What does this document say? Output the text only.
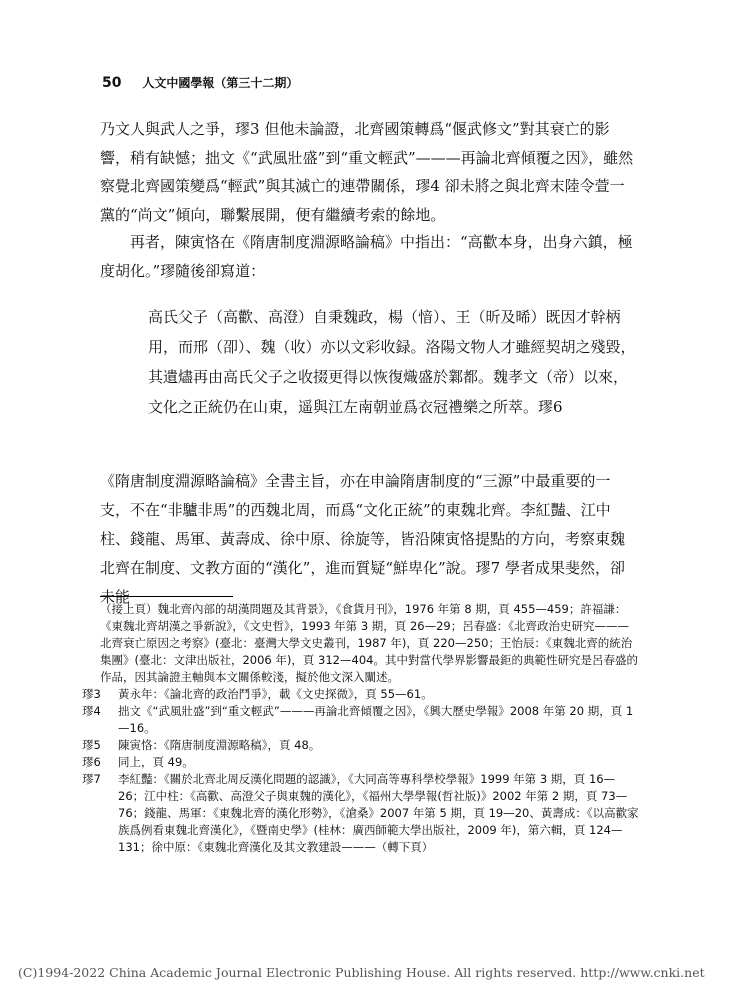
50 人文中國學報（第三十二期）
乃文人與武人之爭，璆3 但他未論證，北齊國策轉爲“偃武修文”對其衰亡的影響，稍有缺憾；拙文《“武風壯盛”到“重文輕武”———再論北齊傾覆之因》，雖然察覺北齊國策變爲“輕武”與其滅亡的連帶關係，璆4 卻未將之與北齊末陸令萱一黨的“尚文”傾向，聯繫展開，便有繼續考索的餘地。
再者，陳寅恪在《隋唐制度淵源略論稿》中指出：“高歡本身，出身六鎮，極度胡化。”璆隨後卻寫道：
高氏父子（高歡、高澄）自秉魏政，楊（愔）、王（昕及晞）既因才幹柄用，而邢（卲）、魏（收）亦以文彩收録。洛陽文物人才雖經契胡之殘毀，其遺燼再由高氏父子之收掇更得以恢復熾盛於鄴都。魏孝文（帝）以來，文化之正統仍在山東，遥與江左南朝並爲衣冠禮樂之所萃。璆6
《隋唐制度淵源略論稿》全書主旨，亦在申論隋唐制度的“三源”中最重要的一支，不在“非驢非馬”的西魏北周，而爲“文化正統”的東魏北齊。李紅豔、江中柱、錢龍、馬軍、黃壽成、徐中原、徐旋等，皆沿陳寅恪提點的方向，考察東魏北齊在制度、文教方面的“漢化”，進而質疑“鮮卑化”說。璆7 學者成果斐然，卻未能

（接上頁）魏北齊內部的胡漢問題及其背景》，《食貨月刊》，1976 年第 8 期，頁 455—459；許福謙：《東魏北齊胡漢之爭新說》，《文史哲》，1993 年第 3 期，頁 26—29；呂春盛：《北齊政治史研究———北齊衰亡原因之考察》(臺北：臺灣大學文史叢刊，1987 年)，頁 220—250；王怡辰：《東魏北齊的統治集團》(臺北：文津出版社，2006 年)，頁 312—404。其中對當代學界影響最鉅的典範性研究是呂春盛的作品，因其論證主軸與本文關係較淺，擬於他文深入闡述。

璆3 黃永年：《論北齊的政治鬥爭》，載《文史探微》，頁 55—61。

璆4 拙文《“武風壯盛”到“重文輕武”———再論北齊傾覆之因》，《興大歷史學報》2008 年第 20 期，頁 1—16。

璆5 陳寅恪：《隋唐制度淵源略稿》，頁 48。

璆6 同上，頁 49。

璆7 李紅豔：《關於北齊北周反漢化問題的認識》，《大同高等專科學校學報》1999 年第 3 期，頁 16—26；江中柱：《高歡、高澄父子與東魏的漢化》，《福州大學學報(哲社版)》2002 年第 2 期，頁 73—76；錢龍、馬軍：《東魏北齊的漢化形勢》，《滄桑》2007 年第 5 期，頁 19—20、黃壽成：《以高歡家族爲例看東魏北齊漢化》，《暨南史學》(桂林：廣西師範大學出版社，2009 年)，第六輯，頁 124—131；徐中原：《東魏北齊漢化及其文教建設———（轉下頁）

(C)1994-2022 China Academic Journal Electronic Publishing House. All rights reserved. http://www.cnki.net
